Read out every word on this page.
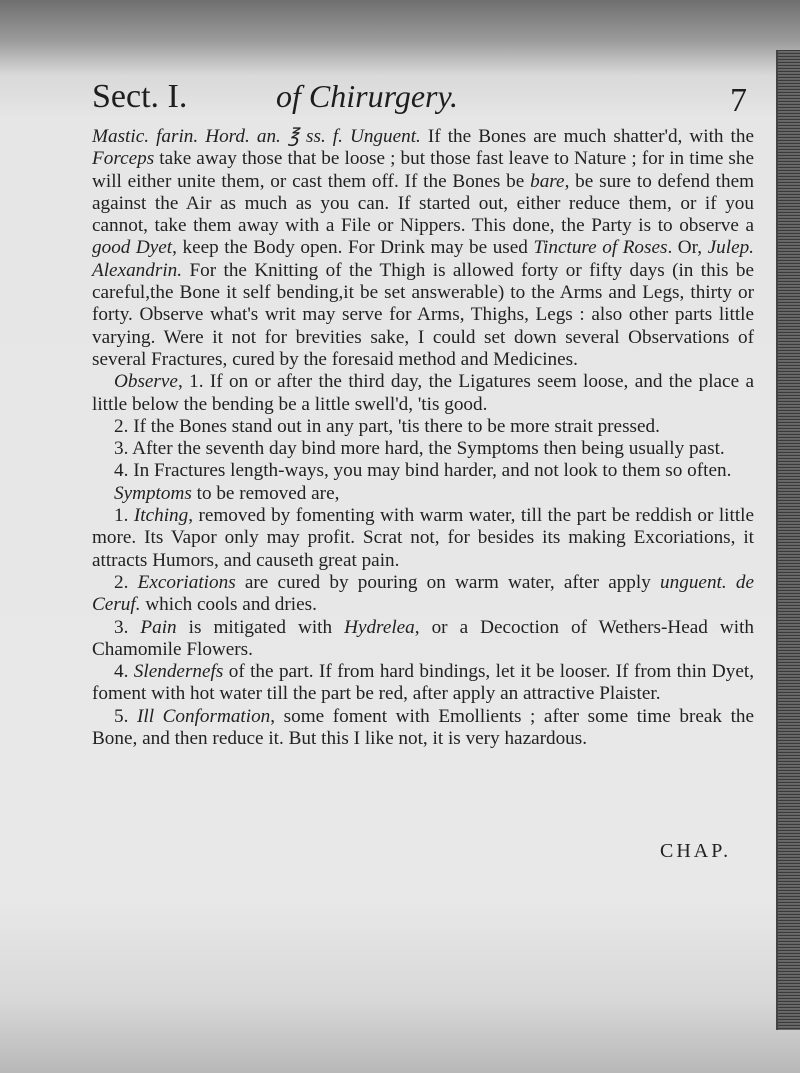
Sect. I.	of Chirurgery.	7

Mastic. farin. Hord. an. ℥ ss. f. Unguent. If the Bones are much shatter'd, with the Forceps take away those that be loose ; but those fast leave to Nature ; for in time she will either unite them, or cast them off. If the Bones be bare, be sure to defend them against the Air as much as you can. If started out, either reduce them, or if you cannot, take them away with a File or Nippers. This done, the Party is to observe a good Dyet, keep the Body open. For Drink may be used Tincture of Roses. Or, Julep. Alexandrin. For the Knitting of the Thigh is allowed forty or fifty days (in this be careful,the Bone it self bending,it be set answerable) to the Arms and Legs, thirty or forty. Observe what's writ may serve for Arms, Thighs, Legs : also other parts little varying. Were it not for brevities sake, I could set down several Observations of several Fractures, cured by the foresaid method and Medicines.

Observe, 1. If on or after the third day, the Ligatures seem loose, and the place a little below the bending be a little swell'd, 'tis good.

2. If the Bones stand out in any part, 'tis there to be more strait pressed.

3. After the seventh day bind more hard, the Symptoms then being usually past.

4. In Fractures length-ways, you may bind harder, and not look to them so often.

Symptoms to be removed are,

1. Itching, removed by fomenting with warm water, till the part be reddish or little more. Its Vapor only may profit. Scrat not, for besides its making Excoriations, it attracts Humors, and causeth great pain.

2. Excoriations are cured by pouring on warm water, after apply unguent. de Ceruf. which cools and dries.

3. Pain is mitigated with Hydrelea, or a Decoction of Wethers-Head with Chamomile Flowers.

4. Slendernefs of the part. If from hard bindings, let it be looser. If from thin Dyet, foment with hot water till the part be red, after apply an attractive Plaister.

5. Ill Conformation, some foment with Emollients ; after some time break the Bone, and then reduce it. But this I like not, it is very hazardous.

CHAP.
